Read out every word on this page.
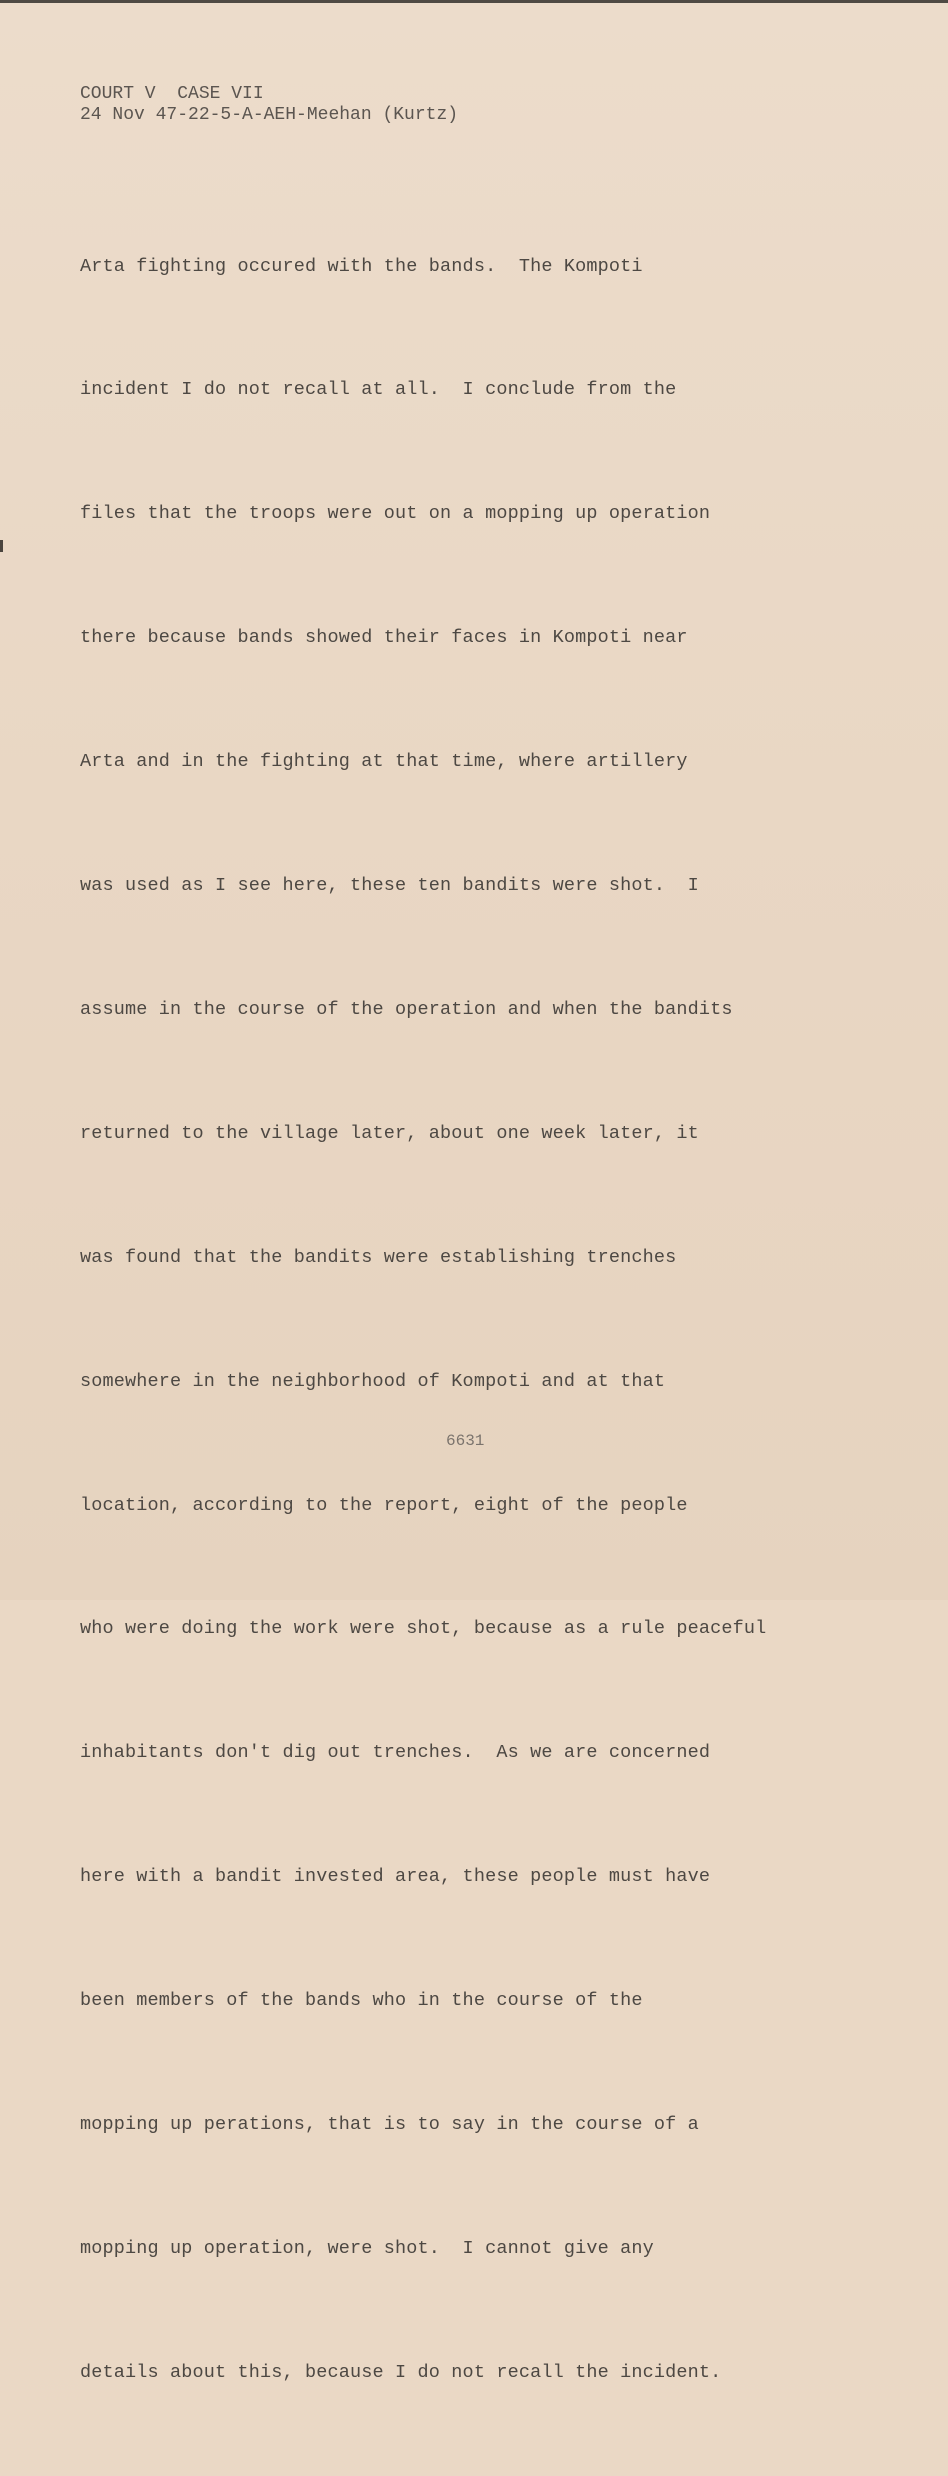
COURT V  CASE VII
24 Nov 47-22-5-A-AEH-Meehan (Kurtz)

Arta fighting occured with the bands.  The Kompoti

incident I do not recall at all.  I conclude from the

files that the troops were out on a mopping up operation

there because bands showed their faces in Kompoti near

Arta and in the fighting at that time, where artillery

was used as I see here, these ten bandits were shot.  I

assume in the course of the operation and when the bandits

returned to the village later, about one week later, it

was found that the bandits were establishing trenches

somewhere in the neighborhood of Kompoti and at that

location, according to the report, eight of the people

who were doing the work were shot, because as a rule peaceful

inhabitants don't dig out trenches.  As we are concerned

here with a bandit invested area, these people must have

been members of the bands who in the course of the

mopping up perations, that is to say in the course of a

mopping up operation, were shot.  I cannot give any

details about this, because I do not recall the incident.

6631
